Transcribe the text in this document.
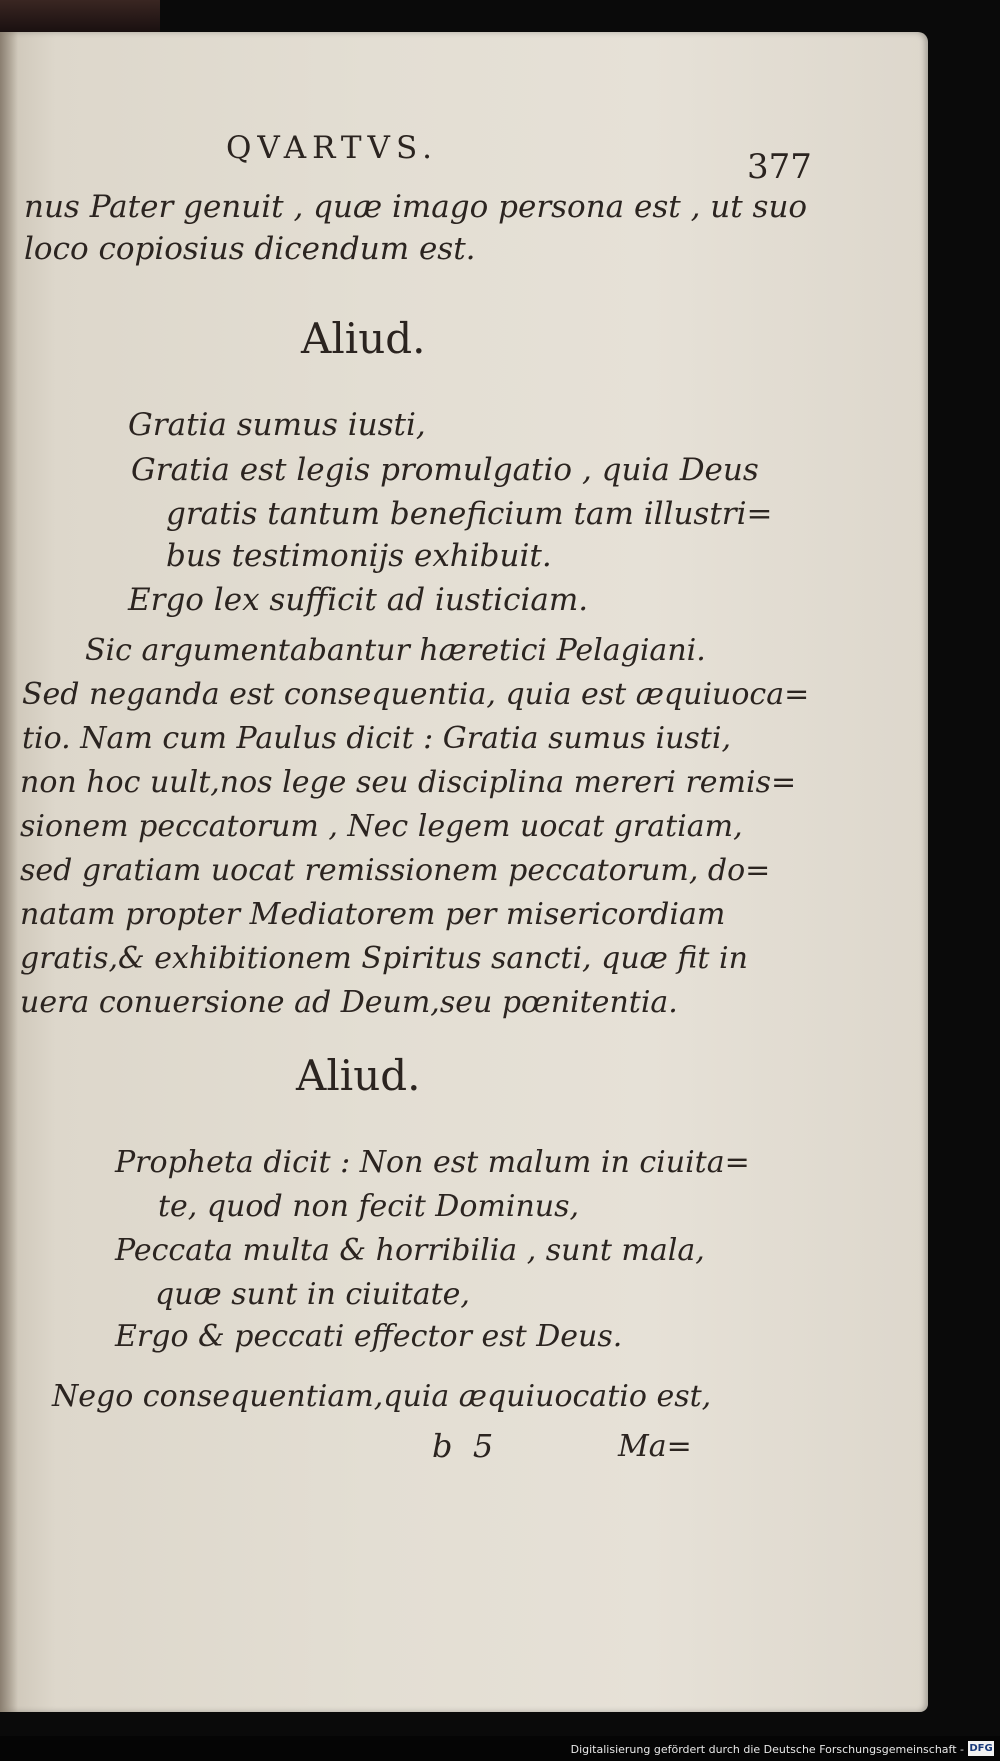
QVARTVS.	377
nus Pater genuit , quæ imago persona est , ut suo
loco copiosius dicendum est.
Aliud.
Gratia sumus iusti,
Gratia est legis promulgatio , quia Deus
gratis tantum beneficium tam illustri=
bus testimonijs exhibuit.
Ergo lex sufficit ad iusticiam.
Sic argumentabantur hæretici Pelagiani.
Sed neganda est consequentia, quia est æquiuoca=
tio. Nam cum Paulus dicit : Gratia sumus iusti,
non hoc uult,nos lege seu disciplina mereri remis=
sionem peccatorum , Nec legem uocat gratiam,
sed gratiam uocat remissionem peccatorum, do=
natam propter Mediatorem per misericordiam
gratis,& exhibitionem Spiritus sancti, quæ fit in
uera conuersione ad Deum,seu pœnitentia.
Aliud.
Propheta dicit : Non est malum in ciuita=
te, quod non fecit Dominus,
Peccata multa & horribilia , sunt mala,
quæ sunt in ciuitate,
Ergo & peccati effector est Deus.
Nego consequentiam,quia æquiuocatio est,
b  5	Ma=
Digitalisierung gefördert durch die Deutsche Forschungsgemeinschaft - DFG
